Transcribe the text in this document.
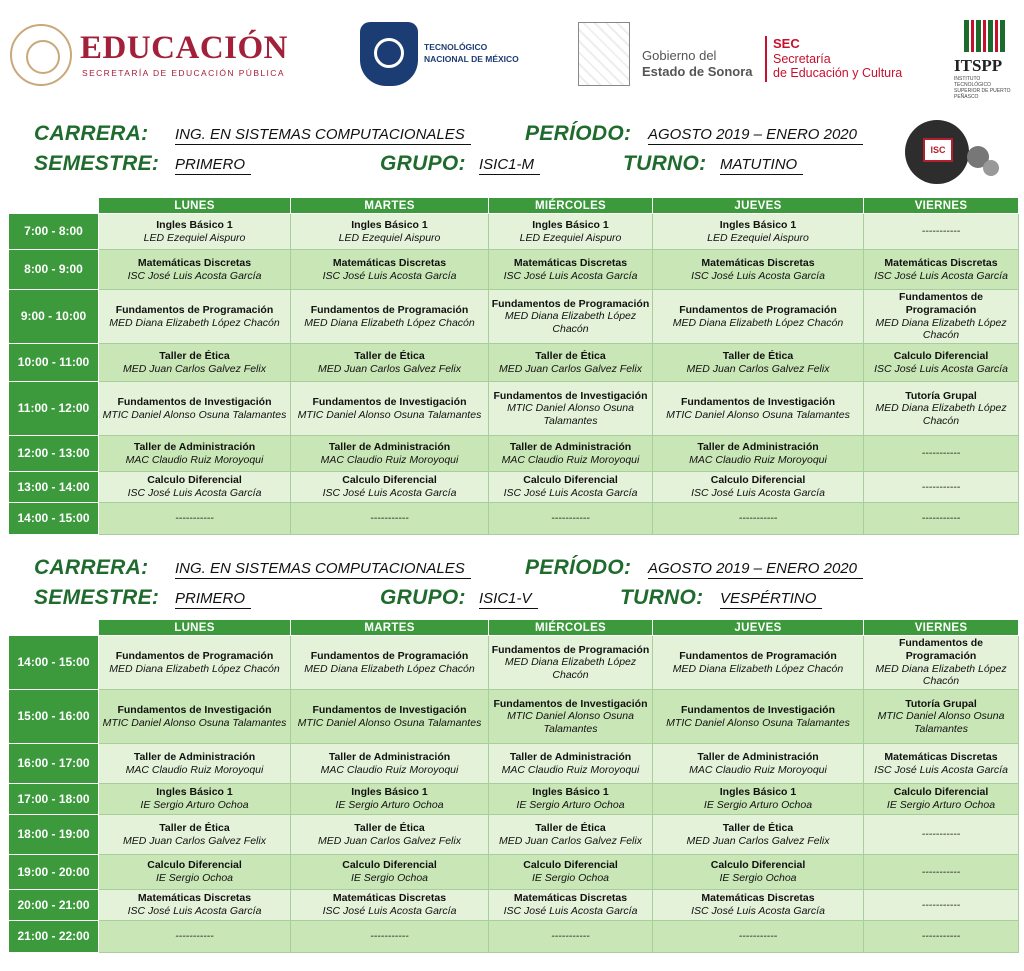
EDUCACIÓN
SECRETARÍA DE EDUCACIÓN PÚBLICA
TECNOLÓGICO
NACIONAL DE MÉXICO	Gobierno del
Estado de Sonora
SEC
Secretaría
de Educación y Cultura	ITSPP
INSTITUTO TECNOLÓGICO SUPERIOR DE PUERTO PEÑASCO
ISC
CARRERA: ING. EN SISTEMAS COMPUTACIONALES	PERÍODO: AGOSTO 2019 – ENERO 2020
SEMESTRE: PRIMERO	GRUPO: ISIC1-M	TURNO: MATUTINO
	LUNES	MARTES	MIÉRCOLES	JUEVES	VIERNES
7:00 - 8:00	Ingles Básico 1
LED Ezequiel Aispuro	Ingles Básico 1
LED Ezequiel Aispuro	Ingles Básico 1
LED Ezequiel Aispuro	Ingles Básico 1
LED Ezequiel Aispuro	-----------

8:00 - 9:00	Matemáticas Discretas
ISC José Luis Acosta García	Matemáticas Discretas
ISC José Luis Acosta García	Matemáticas Discretas
ISC José Luis Acosta García	Matemáticas Discretas
ISC José Luis Acosta García	Matemáticas Discretas
ISC José Luis Acosta García

9:00 - 10:00	Fundamentos de Programación
MED Diana Elizabeth López Chacón	Fundamentos de Programación
MED Diana Elizabeth López Chacón	Fundamentos de Programación
MED Diana Elizabeth López Chacón	Fundamentos de Programación
MED Diana Elizabeth López Chacón	Fundamentos de Programación
MED Diana Elizabeth López Chacón

10:00 - 11:00	Taller de Ética
MED Juan Carlos Galvez Felix	Taller de Ética
MED Juan Carlos Galvez Felix	Taller de Ética
MED Juan Carlos Galvez Felix	Taller de Ética
MED Juan Carlos Galvez Felix	Calculo Diferencial
ISC José Luis Acosta García

11:00 - 12:00	Fundamentos de Investigación
MTIC Daniel Alonso Osuna Talamantes	Fundamentos de Investigación
MTIC Daniel Alonso Osuna Talamantes	Fundamentos de Investigación
MTIC Daniel Alonso Osuna Talamantes	Fundamentos de Investigación
MTIC Daniel Alonso Osuna Talamantes	Tutoría Grupal
MED Diana Elizabeth López Chacón

12:00 - 13:00	Taller de Administración
MAC Claudio Ruiz Moroyoqui	Taller de Administración
MAC Claudio Ruiz Moroyoqui	Taller de Administración
MAC Claudio Ruiz Moroyoqui	Taller de Administración
MAC Claudio Ruiz Moroyoqui	-----------

13:00 - 14:00	Calculo Diferencial
ISC José Luis Acosta García	Calculo Diferencial
ISC José Luis Acosta García	Calculo Diferencial
ISC José Luis Acosta García	Calculo Diferencial
ISC José Luis Acosta García	-----------

14:00 - 15:00	-----------	-----------	-----------	-----------	-----------
CARRERA: ING. EN SISTEMAS COMPUTACIONALES	PERÍODO: AGOSTO 2019 – ENERO 2020
SEMESTRE: PRIMERO	GRUPO: ISIC1-V	TURNO: VESPÉRTINO
	LUNES	MARTES	MIÉRCOLES	JUEVES	VIERNES
14:00 - 15:00	Fundamentos de Programación
MED Diana Elizabeth López Chacón	Fundamentos de Programación
MED Diana Elizabeth López Chacón	Fundamentos de Programación
MED Diana Elizabeth López Chacón	Fundamentos de Programación
MED Diana Elizabeth López Chacón	Fundamentos de Programación
MED Diana Elizabeth López Chacón

15:00 - 16:00	Fundamentos de Investigación
MTIC Daniel Alonso Osuna Talamantes	Fundamentos de Investigación
MTIC Daniel Alonso Osuna Talamantes	Fundamentos de Investigación
MTIC Daniel Alonso Osuna Talamantes	Fundamentos de Investigación
MTIC Daniel Alonso Osuna Talamantes	Tutoría Grupal
MTIC Daniel Alonso Osuna Talamantes

16:00 - 17:00	Taller de Administración
MAC Claudio Ruiz Moroyoqui	Taller de Administración
MAC Claudio Ruiz Moroyoqui	Taller de Administración
MAC Claudio Ruiz Moroyoqui	Taller de Administración
MAC Claudio Ruiz Moroyoqui	Matemáticas Discretas
ISC José Luis Acosta García

17:00 - 18:00	Ingles Básico 1
IE Sergio Arturo Ochoa	Ingles Básico 1
IE Sergio Arturo Ochoa	Ingles Básico 1
IE Sergio Arturo Ochoa	Ingles Básico 1
IE Sergio Arturo Ochoa	Calculo Diferencial
IE Sergio Arturo Ochoa

18:00 - 19:00	Taller de Ética
MED Juan Carlos Galvez Felix	Taller de Ética
MED Juan Carlos Galvez Felix	Taller de Ética
MED Juan Carlos Galvez Felix	Taller de Ética
MED Juan Carlos Galvez Felix	-----------

19:00 - 20:00	Calculo Diferencial
IE Sergio Ochoa	Calculo Diferencial
IE Sergio Ochoa	Calculo Diferencial
IE Sergio Ochoa	Calculo Diferencial
IE Sergio Ochoa	-----------

20:00 - 21:00	Matemáticas Discretas
ISC José Luis Acosta García	Matemáticas Discretas
ISC José Luis Acosta García	Matemáticas Discretas
ISC José Luis Acosta García	Matemáticas Discretas
ISC José Luis Acosta García	-----------

21:00 - 22:00	-----------	-----------	-----------	-----------	-----------
